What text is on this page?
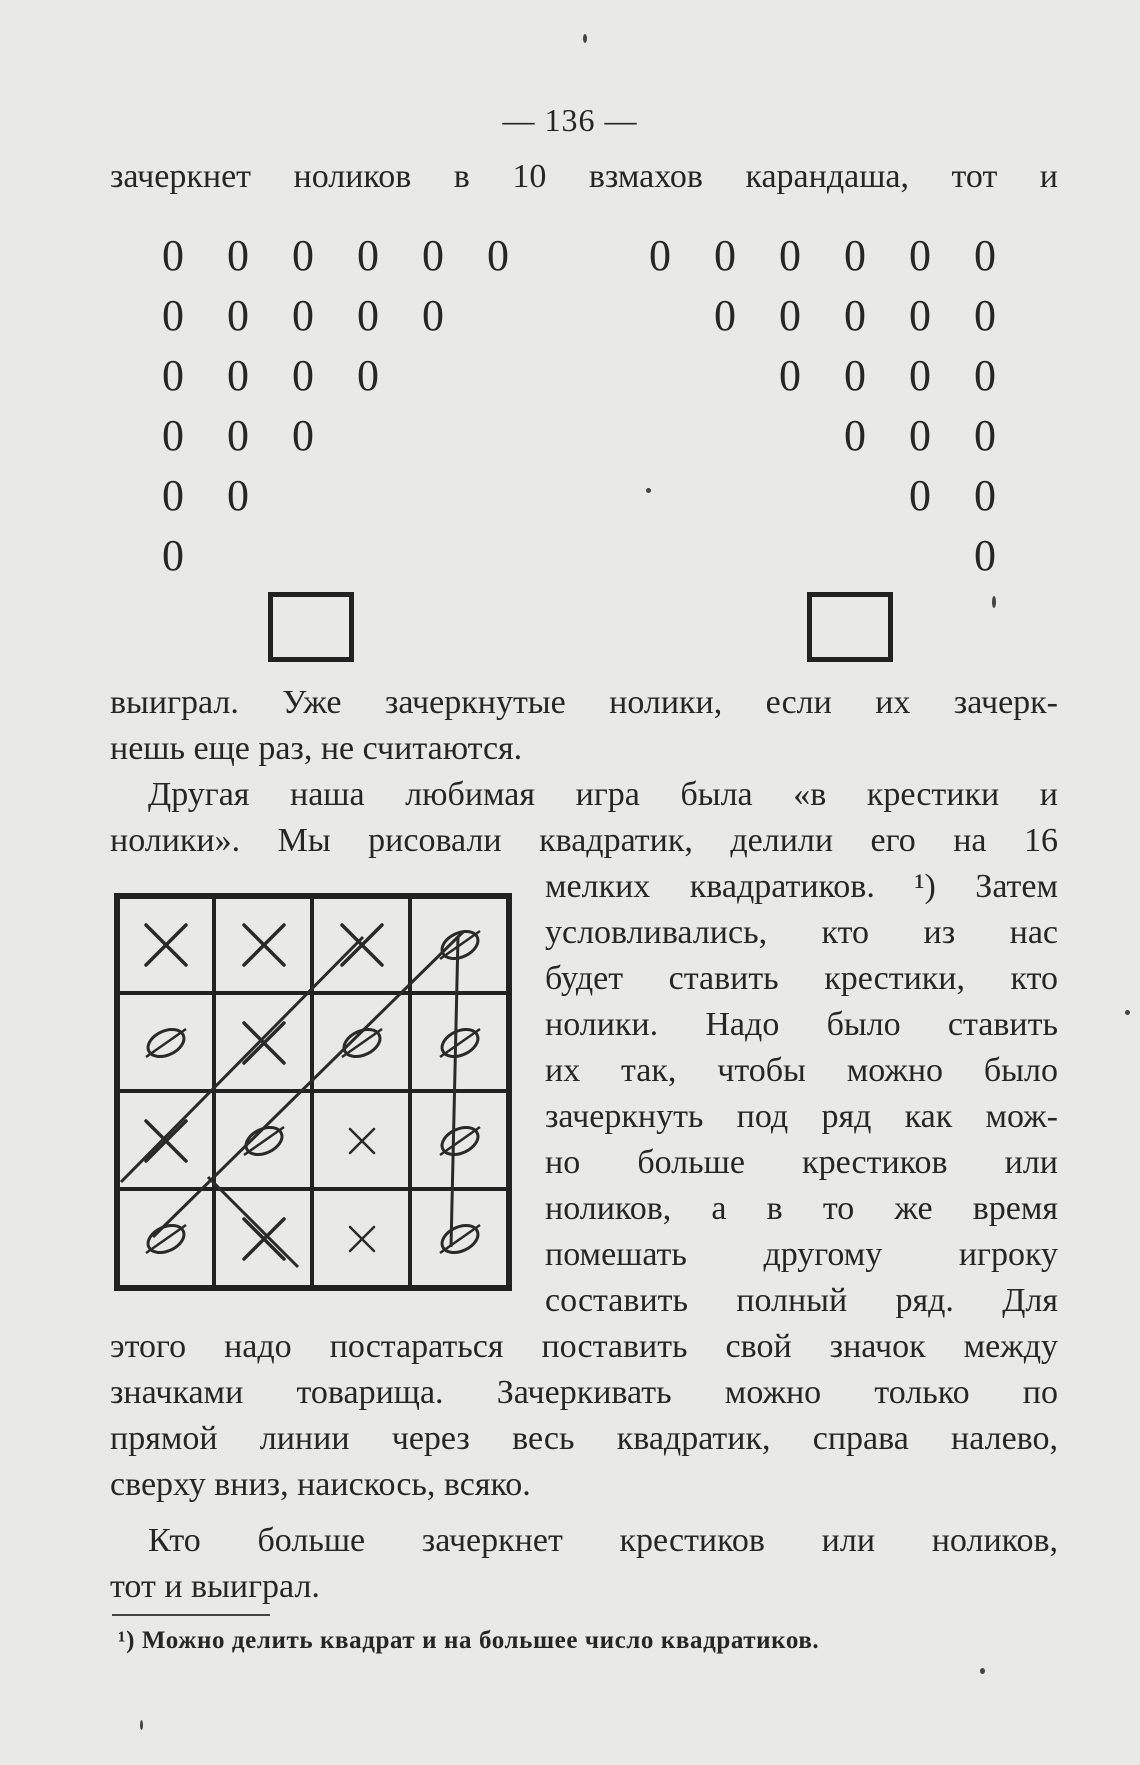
— 136 —
зачеркнет ноликов в 10 взмахов карандаша, тот и
0 0 0 0 0 0
0 0 0 0 0
0 0 0 0
0 0 0
0 0
0
0 0 0 0 0 0
0 0 0 0 0
0 0 0 0
0 0 0
0 0
0
выиграл. Уже зачеркнутые нолики, если их зачерк-
нешь еще раз, не считаются.
Другая наша любимая игра была «в крестики и
нолики». Мы рисовали квадратик, делили его на 16
мелких квадратиков. ¹) Затем
условливались, кто из нас
будет ставить крестики, кто
нолики. Надо было ставить
их так, чтобы можно было
зачеркнуть под ряд как мож-
но больше крестиков или
ноликов, а в то же время
помешать другому игроку
составить полный ряд. Для
этого надо постараться поставить свой значок между
значками товарища. Зачеркивать можно только по
прямой линии через весь квадратик, справа налево,
сверху вниз, наискось, всяко.
Кто больше зачеркнет крестиков или ноликов,
тот и выиграл.
¹) Можно делить квадрат и на большее число квадратиков.
